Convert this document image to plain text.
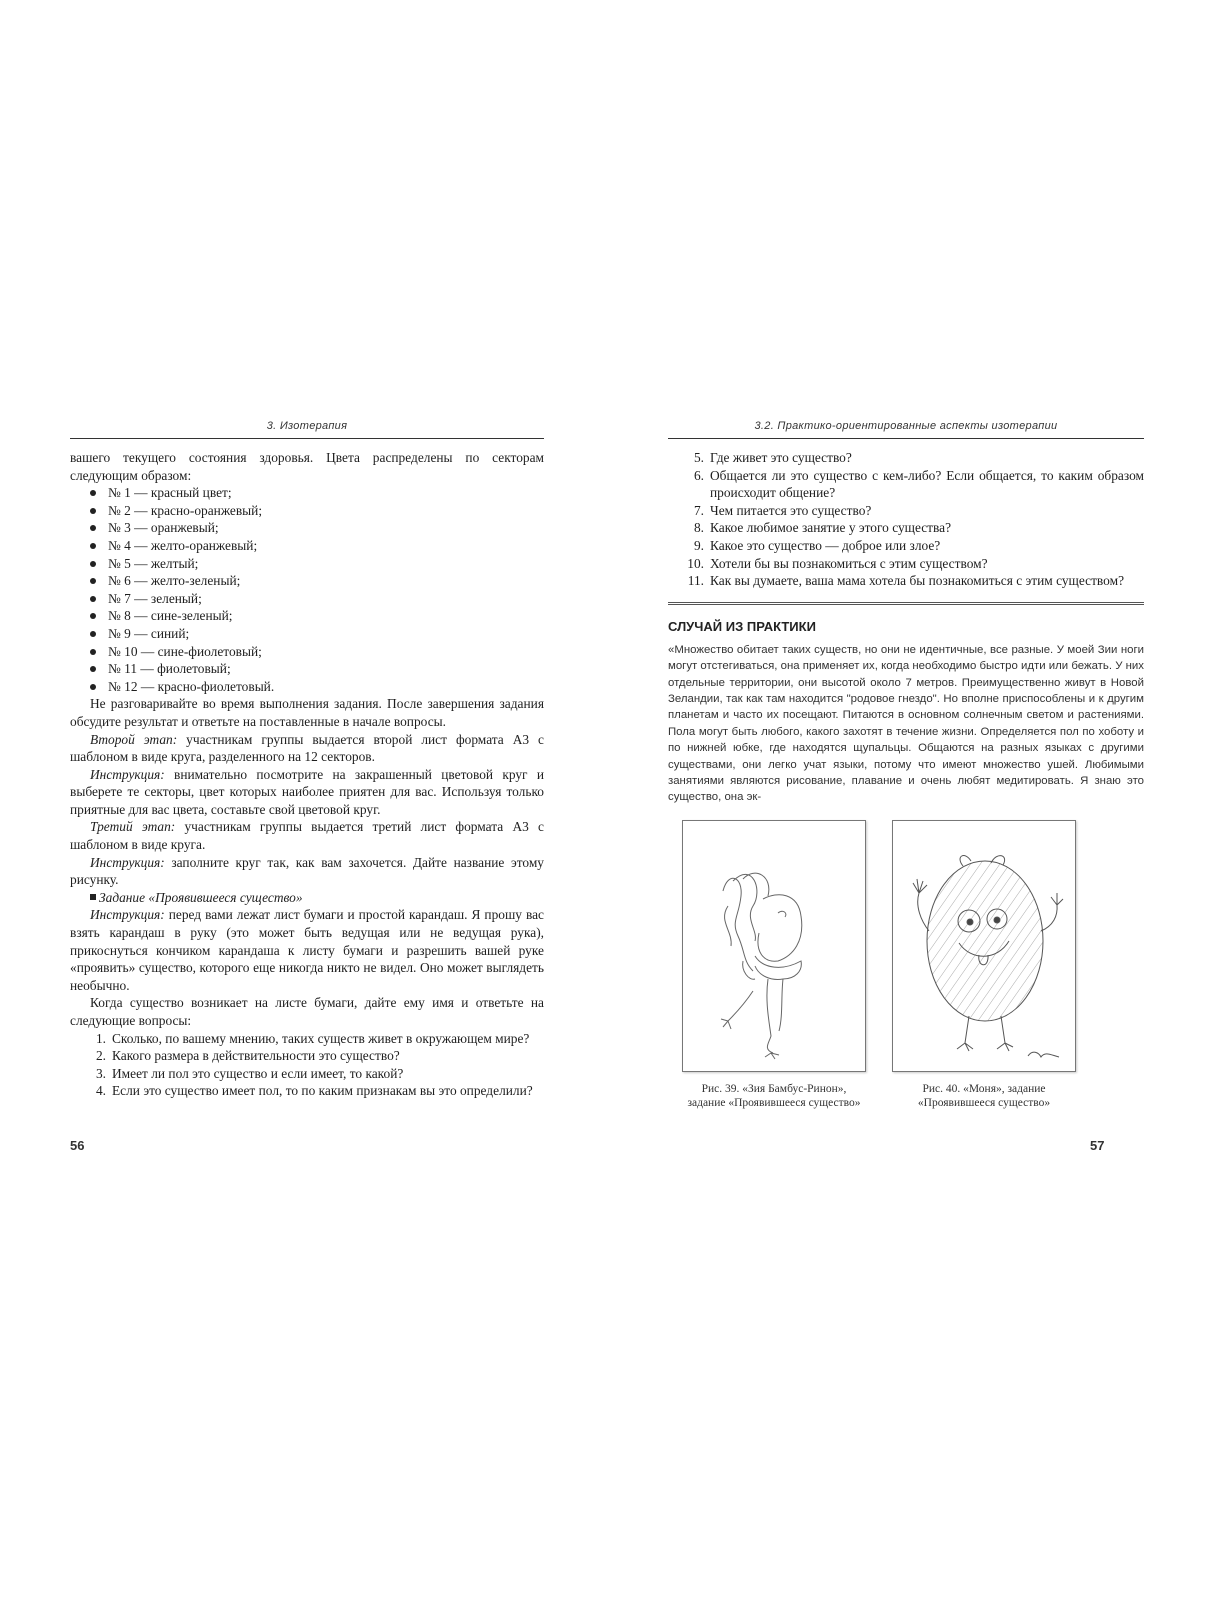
3. Изотерапия

вашего текущего состояния здоровья. Цвета распределены по секторам следующим образом:

№ 1 — красный цвет;
№ 2 — красно-оранжевый;
№ 3 — оранжевый;
№ 4 — желто-оранжевый;
№ 5 — желтый;
№ 6 — желто-зеленый;
№ 7 — зеленый;
№ 8 — сине-зеленый;
№ 9 — синий;
№ 10 — сине-фиолетовый;
№ 11 — фиолетовый;
№ 12 — красно-фиолетовый.

Не разговаривайте во время выполнения задания. После завершения задания обсудите результат и ответьте на поставленные в начале вопросы.

Второй этап: участникам группы выдается второй лист формата А3 с шаблоном в виде круга, разделенного на 12 секторов.

Инструкция: внимательно посмотрите на закрашенный цветовой круг и выберете те секторы, цвет которых наиболее приятен для вас. Используя только приятные для вас цвета, составьте свой цветовой круг.

Третий этап: участникам группы выдается третий лист формата А3 с шаблоном в виде круга.

Инструкция: заполните круг так, как вам захочется. Дайте название этому рисунку.

Задание «Проявившееся существо»

Инструкция: перед вами лежат лист бумаги и простой карандаш. Я прошу вас взять карандаш в руку (это может быть ведущая или не ведущая рука), прикоснуться кончиком карандаша к листу бумаги и разрешить вашей руке «проявить» существо, которого еще никогда никто не видел. Оно может выглядеть необычно.

Когда существо возникает на листе бумаги, дайте ему имя и ответьте на следующие вопросы:

1. Сколько, по вашему мнению, таких существ живет в окружающем мире?
2. Какого размера в действительности это существо?
3. Имеет ли пол это существо и если имеет, то какой?
4. Если это существо имеет пол, то по каким признакам вы это определили?
56
3.2. Практико-ориентированные аспекты изотерапии
5. Где живет это существо?
6. Общается ли это существо с кем-либо? Если общается, то каким образом происходит общение?
7. Чем питается это существо?
8. Какое любимое занятие у этого существа?
9. Какое это существо — доброе или злое?
10. Хотели бы вы познакомиться с этим существом?
11. Как вы думаете, ваша мама хотела бы познакомиться с этим существом?
СЛУЧАЙ ИЗ ПРАКТИКИ
«Множество обитает таких существ, но они не идентичные, все разные. У моей Зии ноги могут отстегиваться, она применяет их, когда необходимо быстро идти или бежать. У них отдельные территории, они высотой около 7 метров. Преимущественно живут в Новой Зеландии, так как там находится "родовое гнездо". Но вполне приспособлены и к другим планетам и часто их посещают. Питаются в основном солнечным светом и растениями. Пола могут быть любого, какого захотят в течение жизни. Определяется пол по хоботу и по нижней юбке, где находятся щупальцы. Общаются на разных языках с другими существами, они легко учат языки, потому что имеют множество ушей. Любимыми занятиями являются рисование, плавание и очень любят медитировать. Я знаю это существо, она эк-
Рис. 39. «Зия Бамбус-Ринон»,
задание «Проявившееся существо»
Рис. 40. «Моня», задание
«Проявившееся существо»
57
